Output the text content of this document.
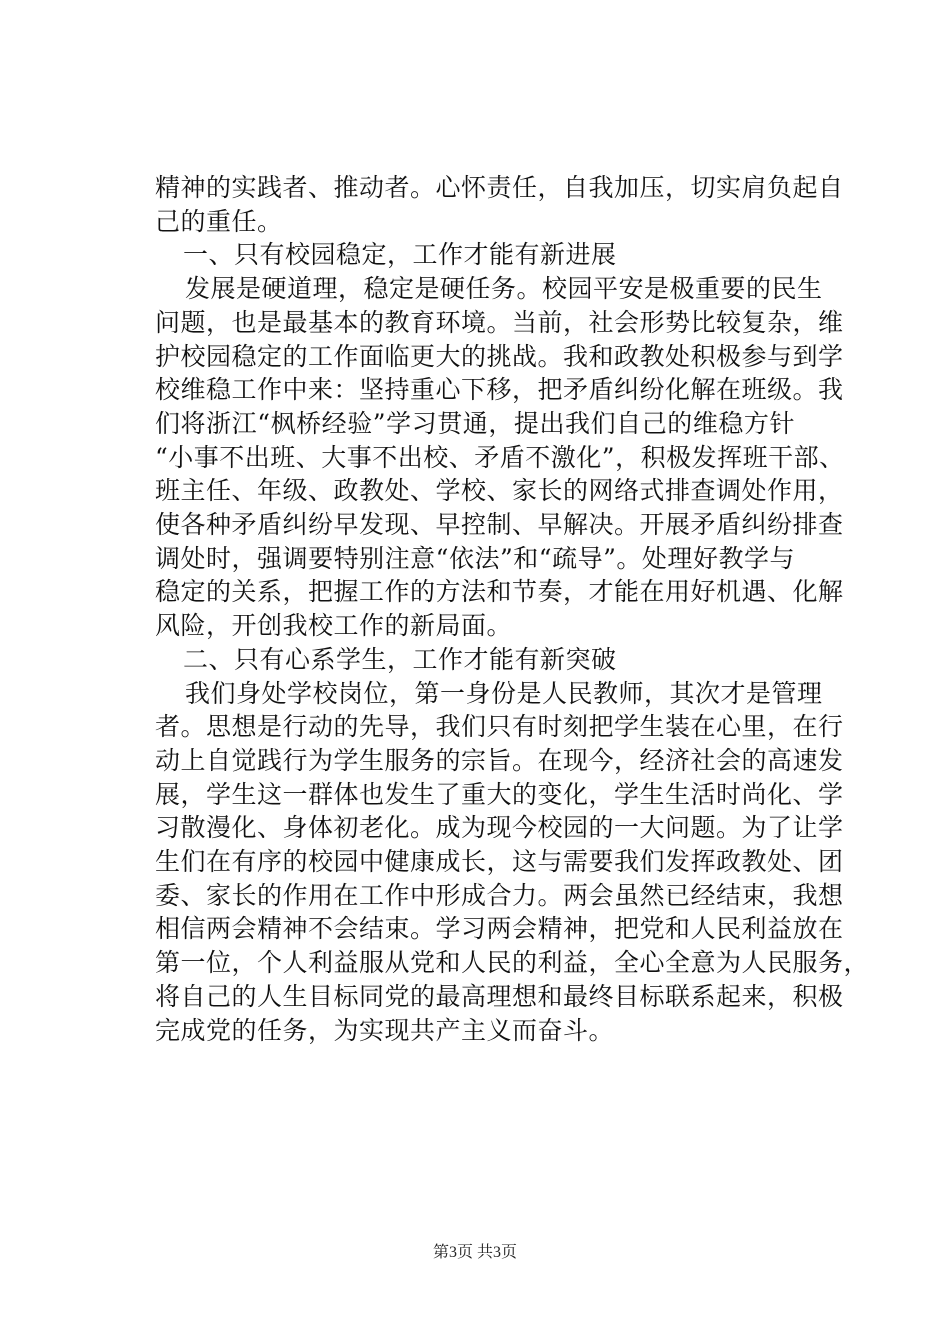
精神的实践者、推动者。心怀责任，自我加压，切实肩负起自
己的重任。
一、只有校园稳定，工作才能有新进展
发展是硬道理，稳定是硬任务。校园平安是极重要的民生
问题，也是最基本的教育环境。当前，社会形势比较复杂，维
护校园稳定的工作面临更大的挑战。我和政教处积极参与到学
校维稳工作中来：坚持重心下移，把矛盾纠纷化解在班级。我
们将浙江“枫桥经验”学习贯通，提出我们自己的维稳方针
“小事不出班、大事不出校、矛盾不激化”，积极发挥班干部、
班主任、年级、政教处、学校、家长的网络式排查调处作用，
使各种矛盾纠纷早发现、早控制、早解决。开展矛盾纠纷排查
调处时，强调要特别注意“依法”和“疏导”。处理好教学与
稳定的关系，把握工作的方法和节奏，才能在用好机遇、化解
风险，开创我校工作的新局面。
二、只有心系学生，工作才能有新突破
我们身处学校岗位，第一身份是人民教师，其次才是管理
者。思想是行动的先导，我们只有时刻把学生装在心里，在行
动上自觉践行为学生服务的宗旨。在现今，经济社会的高速发
展，学生这一群体也发生了重大的变化，学生生活时尚化、学
习散漫化、身体初老化。成为现今校园的一大问题。为了让学
生们在有序的校园中健康成长，这与需要我们发挥政教处、团
委、家长的作用在工作中形成合力。两会虽然已经结束，我想
相信两会精神不会结束。学习两会精神，把党和人民利益放在
第一位，个人利益服从党和人民的利益，全心全意为人民服务，
将自己的人生目标同党的最高理想和最终目标联系起来，积极
完成党的任务，为实现共产主义而奋斗。
第3页 共3页
